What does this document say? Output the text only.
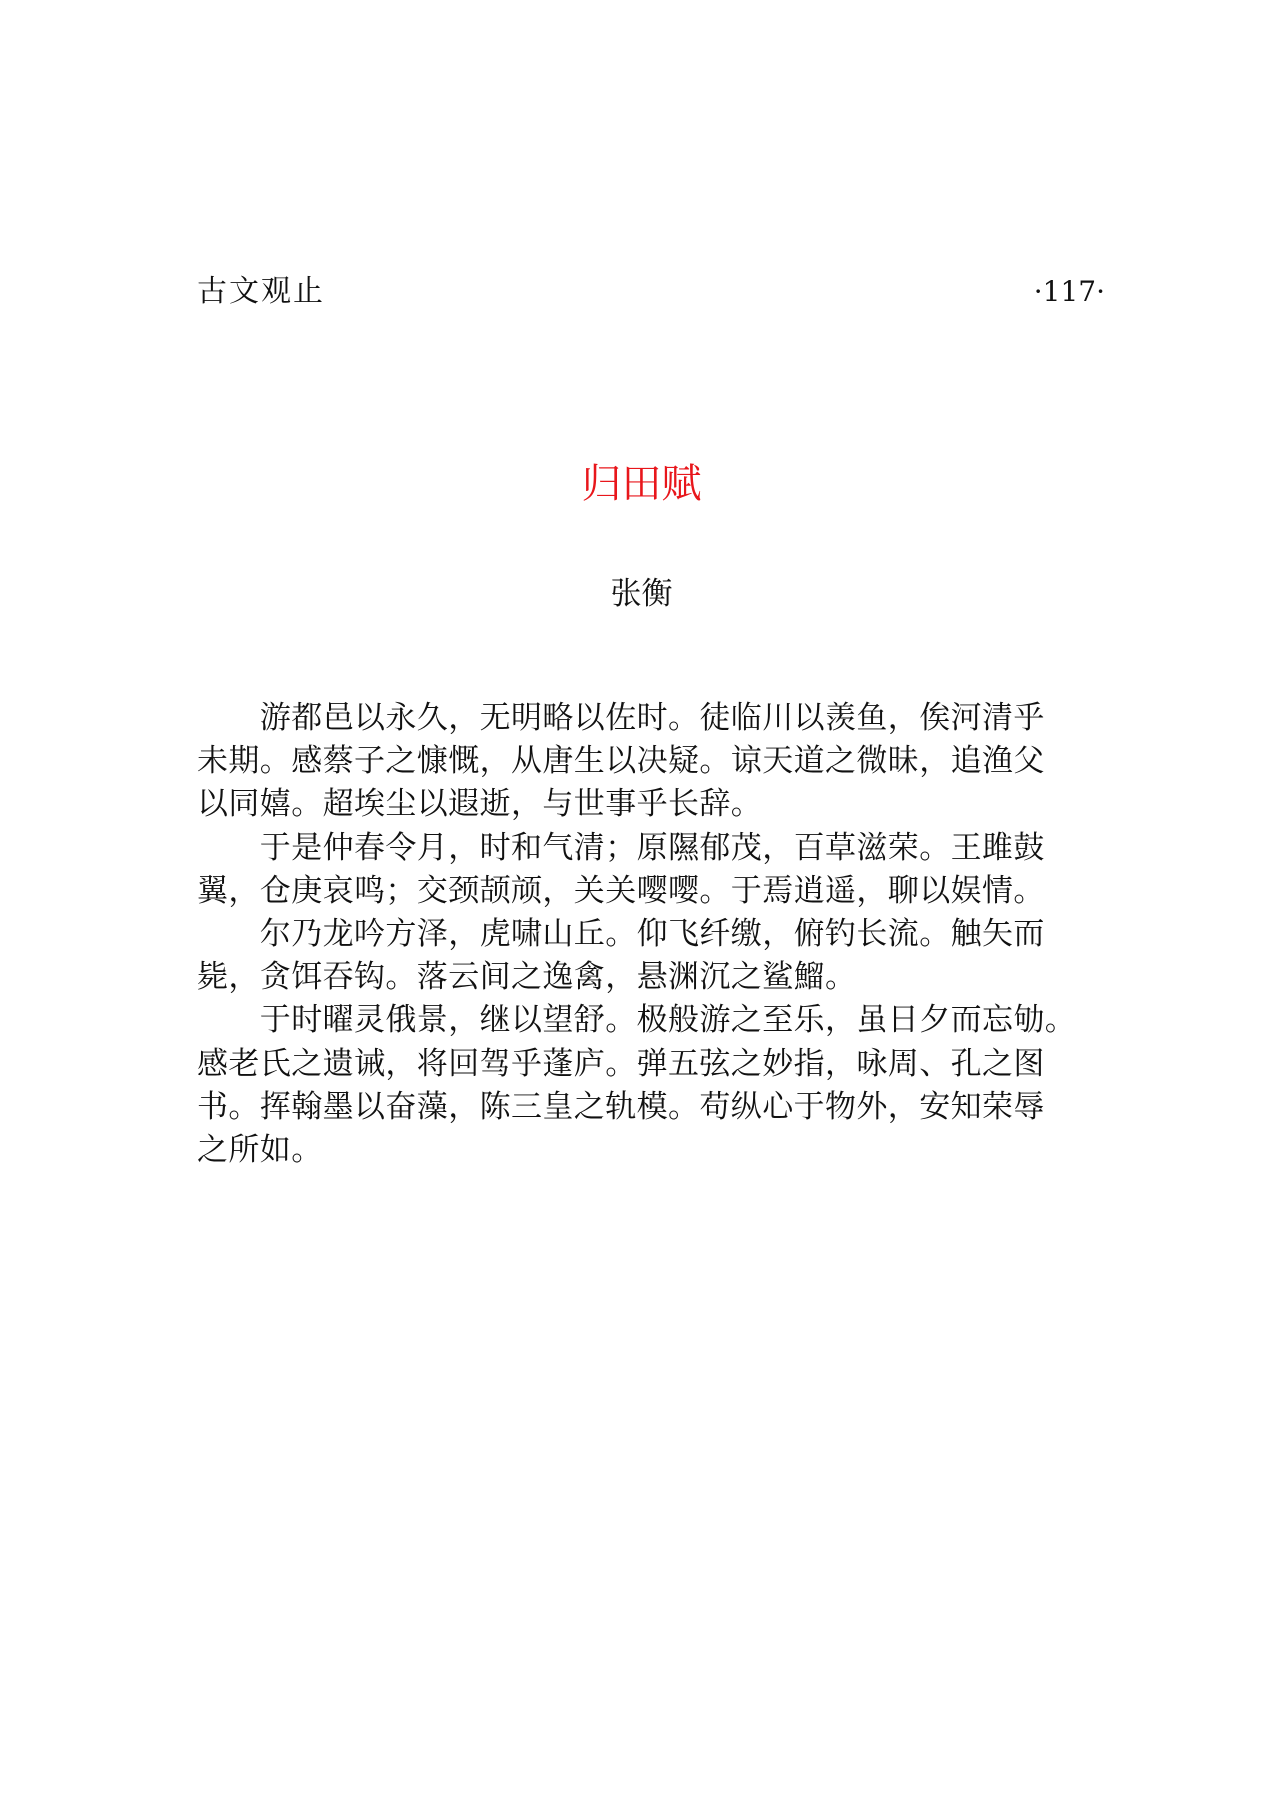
古文观止	·117·
归田赋
张衡
　　游都邑以永久，无明略以佐时。徒临川以羡鱼，俟河清乎
未期。感蔡子之慷慨，从唐生以决疑。谅天道之微昧，追渔父
以同嬉。超埃尘以遐逝，与世事乎长辞。
　　于是仲春令月，时和气清；原隰郁茂，百草滋荣。王雎鼓
翼，仓庚哀鸣；交颈颉颃，关关嘤嘤。于焉逍遥，聊以娱情。
　　尔乃龙吟方泽，虎啸山丘。仰飞纤缴，俯钓长流。触矢而
毙，贪饵吞钩。落云间之逸禽，悬渊沉之鲨鰡。
　　于时曜灵俄景，继以望舒。极般游之至乐，虽日夕而忘劬。
感老氏之遗诫，将回驾乎蓬庐。弹五弦之妙指，咏周、孔之图
书。挥翰墨以奋藻，陈三皇之轨模。苟纵心于物外，安知荣辱
之所如。
